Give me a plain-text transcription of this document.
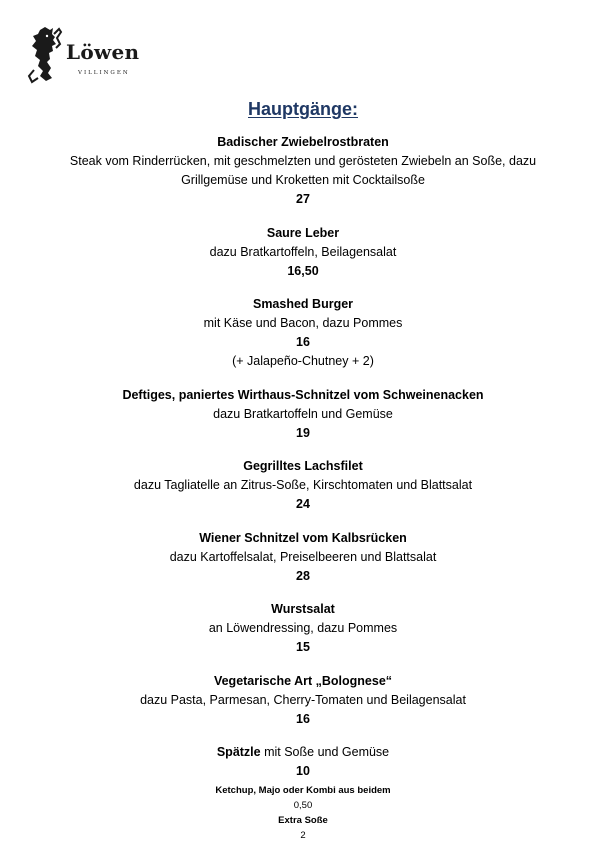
Löwen
VILLINGEN
Hauptgänge:
Badischer Zwiebelrostbraten
Steak vom Rinderrücken, mit geschmelzten und gerösteten Zwiebeln an Soße, dazu
Grillgemüse und Kroketten mit Cocktailsoße
27
Saure Leber
dazu Bratkartoffeln, Beilagensalat
16,50
Smashed Burger
mit Käse und Bacon, dazu Pommes
16
(+ Jalapeño-Chutney + 2)
Deftiges, paniertes Wirthaus-Schnitzel vom Schweinenacken
dazu Bratkartoffeln und Gemüse
19
Gegrilltes Lachsfilet
dazu Tagliatelle an Zitrus-Soße, Kirschtomaten und Blattsalat
24
Wiener Schnitzel vom Kalbsrücken
dazu Kartoffelsalat, Preiselbeeren und Blattsalat
28
Wurstsalat
an Löwendressing, dazu Pommes
15
Vegetarische Art „Bolognese“
dazu Pasta, Parmesan, Cherry-Tomaten und Beilagensalat
16
Spätzle mit Soße und Gemüse
10
Ketchup, Majo oder Kombi aus beidem
0,50
Extra Soße
2
